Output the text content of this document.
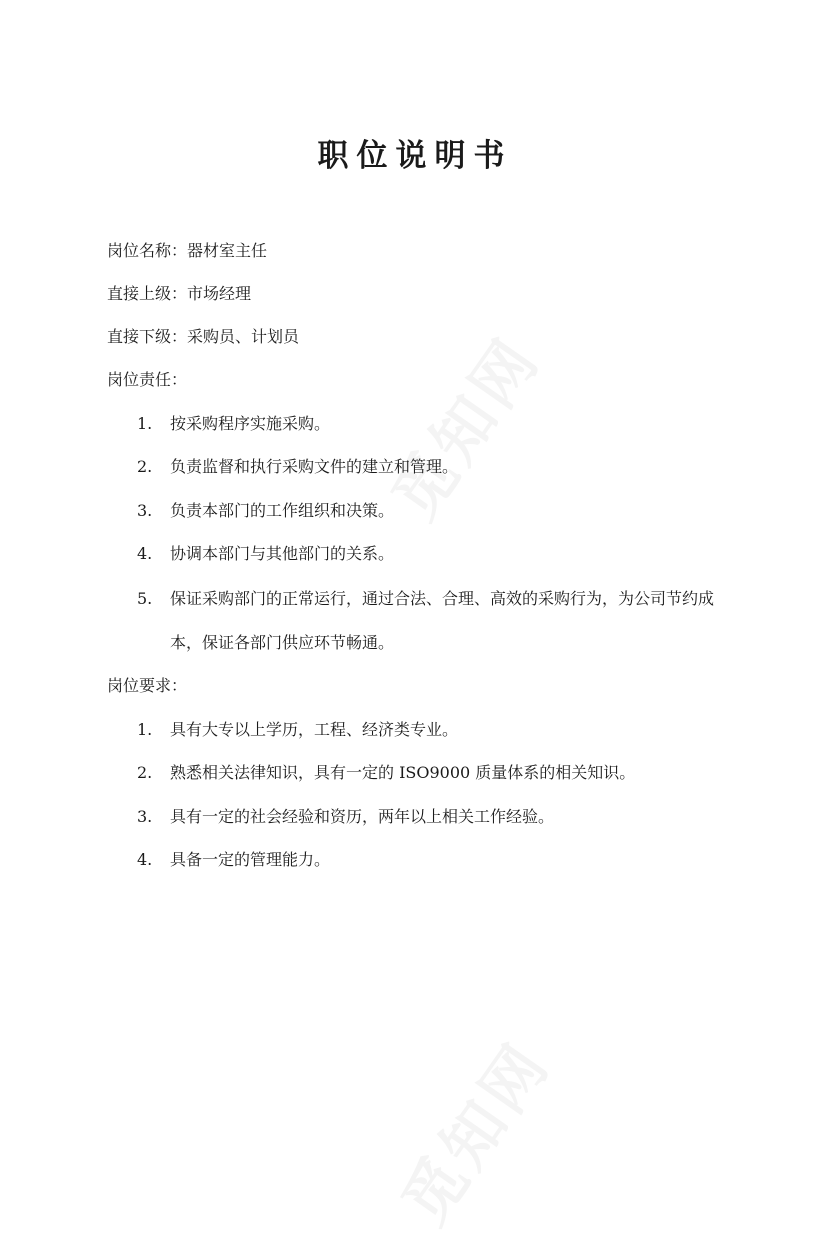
职位说明书
岗位名称：器材室主任
直接上级：市场经理
直接下级：采购员、计划员
岗位责任：
1. 按采购程序实施采购。
2. 负责监督和执行采购文件的建立和管理。
3. 负责本部门的工作组织和决策。
4. 协调本部门与其他部门的关系。
5. 保证采购部门的正常运行，通过合法、合理、高效的采购行为，为公司节约成
本，保证各部门供应环节畅通。
岗位要求：
1. 具有大专以上学历，工程、经济类专业。
2. 熟悉相关法律知识，具有一定的 ISO9000 质量体系的相关知识。
3. 具有一定的社会经验和资历，两年以上相关工作经验。
4. 具备一定的管理能力。
